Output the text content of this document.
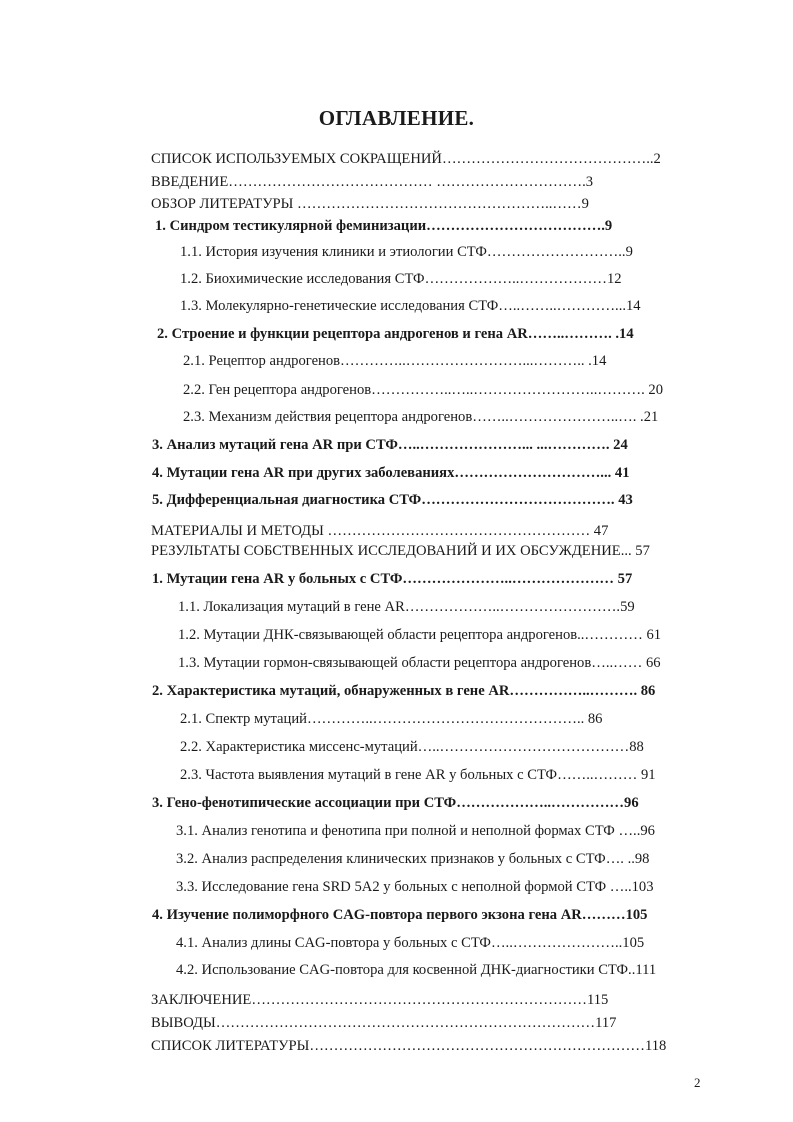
ОГЛАВЛЕНИЕ.
СПИСОК ИСПОЛЬЗУЕМЫХ СОКРАЩЕНИЙ……………………………………..2
ВВЕДЕНИЕ…………………………………… ………………………….3
ОБЗОР ЛИТЕРАТУРЫ ……………………………………………..……9
1. Синдром тестикулярной феминизации……………………………….9
1.1. История изучения клиники и этиологии СТФ………………………..9
1.2. Биохимические исследования СТФ………………..………………12
1.3. Молекулярно-генетические исследования СТФ…..……..…………...14
2. Строение и функции рецептора андрогенов и гена AR……..………. .14
2.1. Рецептор андрогенов…………..……………………...……….. .14
2.2. Ген рецептора андрогенов……………..…..……………………..………. 20
2.3. Механизм действия рецептора андрогенов……..…………………..…. .21
3. Анализ мутаций гена AR при СТФ…..…………………... ...…………. 24
4. Мутации гена AR при других заболеваниях…………………………... 41
5. Дифференциальная диагностика СТФ…………………………………. 43
МАТЕРИАЛЫ И МЕТОДЫ ……………………………………………… 47
РЕЗУЛЬТАТЫ СОБСТВЕННЫХ ИССЛЕДОВАНИЙ И ИХ ОБСУЖДЕНИЕ... 57
1. Мутации гена AR у больных с СТФ…………………..………………… 57
1.1. Локализация мутаций в гене AR………………..…………………….59
1.2. Мутации ДНК-связывающей области рецептора андрогенов..………… 61
1.3. Мутации гормон-связывающей области рецептора андрогенов…..…… 66
2. Характеристика мутаций, обнаруженных в гене AR……………..………. 86
2.1. Спектр мутаций…………..…………………………………….. 86
2.2. Характеристика миссенс-мутаций…..…………………………………88
2.3. Частота выявления мутаций в гене AR у больных с СТФ……..……… 91
3. Гено-фенотипические ассоциации при СТФ………………..……………96
3.1. Анализ генотипа и фенотипа при полной и неполной формах СТФ …..96
3.2. Анализ распределения клинических признаков у больных с СТФ…. ..98
3.3. Исследование гена SRD 5A2 у больных с неполной формой СТФ …..103
4. Изучение полиморфного CAG-повтора первого экзона гена AR………105
4.1. Анализ длины CAG-повтора у больных с СТФ…..…………………..105
4.2. Использование CAG-повтора для косвенной ДНК-диагностики СТФ..111
ЗАКЛЮЧЕНИЕ……………………………………………………………115
ВЫВОДЫ……………………………………………………………………117
СПИСОК ЛИТЕРАТУРЫ……………………………………………………………118
2
